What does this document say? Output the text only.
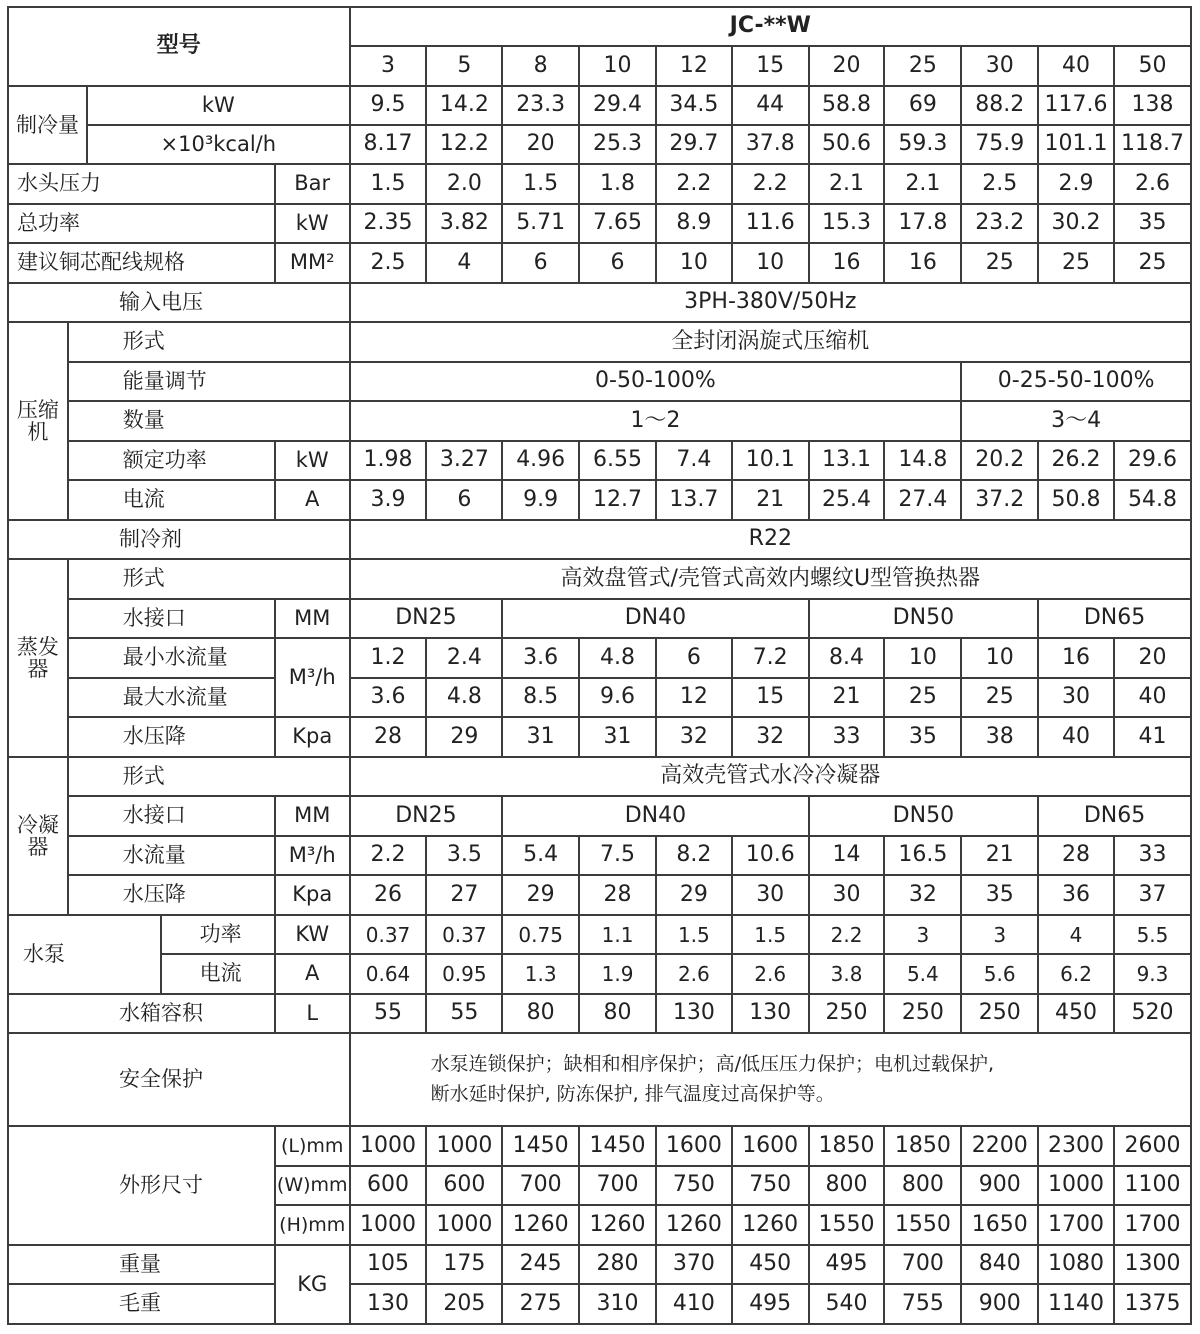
型号					JC-**W										
					3	5	8	10	12	15	20	25	30	40	50
制冷量		kW			9.5	14.2	23.3	29.4	34.5	44	58.8	69	88.2	117.6	138
		×10³kcal/h			8.17	12.2	20	25.3	29.7	37.8	50.6	59.3	75.9	101.1	118.7
水头压力				Bar	1.5	2.0	1.5	1.8	2.2	2.2	2.1	2.1	2.5	2.9	2.6
总功率				kW	2.35	3.82	5.71	7.65	8.9	11.6	15.3	17.8	23.2	30.2	35
建议铜芯配线规格				MM²	2.5	4	6	6	10	10	16	16	25	25	25
输入电压					3PH-380V/50Hz										
压缩机	形式				全封闭涡旋式压缩机										
	能量调节				0-50-100%								0-25-50-100%		
	数量				1～2								3～4		
	额定功率			kW	1.98	3.27	4.96	6.55	7.4	10.1	13.1	14.8	20.2	26.2	29.6
	电流			A	3.9	6	9.9	12.7	13.7	21	25.4	27.4	37.2	50.8	54.8
制冷剂					R22										
蒸发器	形式				高效盘管式/壳管式高效内螺纹U型管换热器										
	水接口			MM	DN25		DN40				DN50			DN65	
	最小水流量			M³/h	1.2	2.4	3.6	4.8	6	7.2	8.4	10	10	16	20
	最大水流量				3.6	4.8	8.5	9.6	12	15	21	25	25	30	40
	水压降			Kpa	28	29	31	31	32	32	33	35	38	40	41
冷凝器	形式				高效壳管式水冷冷凝器										
	水接口			MM	DN25		DN40				DN50			DN65	
	水流量			M³/h	2.2	3.5	5.4	7.5	8.2	10.6	14	16.5	21	28	33
	水压降			Kpa	26	27	29	28	29	30	30	32	35	36	37
水泵			功率	KW	0.37	0.37	0.75	1.1	1.5	1.5	2.2	3	3	4	5.5
			电流	A	0.64	0.95	1.3	1.9	2.6	2.6	3.8	5.4	5.6	6.2	9.3
水箱容积				L	55	55	80	80	130	130	250	250	250	450	520
安全保护					水泵连锁保护；缺相和相序保护；高/低压压力保护；电机过载保护,
断水延时保护, 防冻保护, 排气温度过高保护等。										

外形尺寸				(L)mm	1000	1000	1450	1450	1600	1600	1850	1850	2200	2300	2600
				(W)mm	600	600	700	700	750	750	800	800	900	1000	1100
				(H)mm	1000	1000	1260	1260	1260	1260	1550	1550	1650	1700	1700
重量				KG	105	175	245	280	370	450	495	700	840	1080	1300
毛重					130	205	275	310	410	495	540	755	900	1140	1375
